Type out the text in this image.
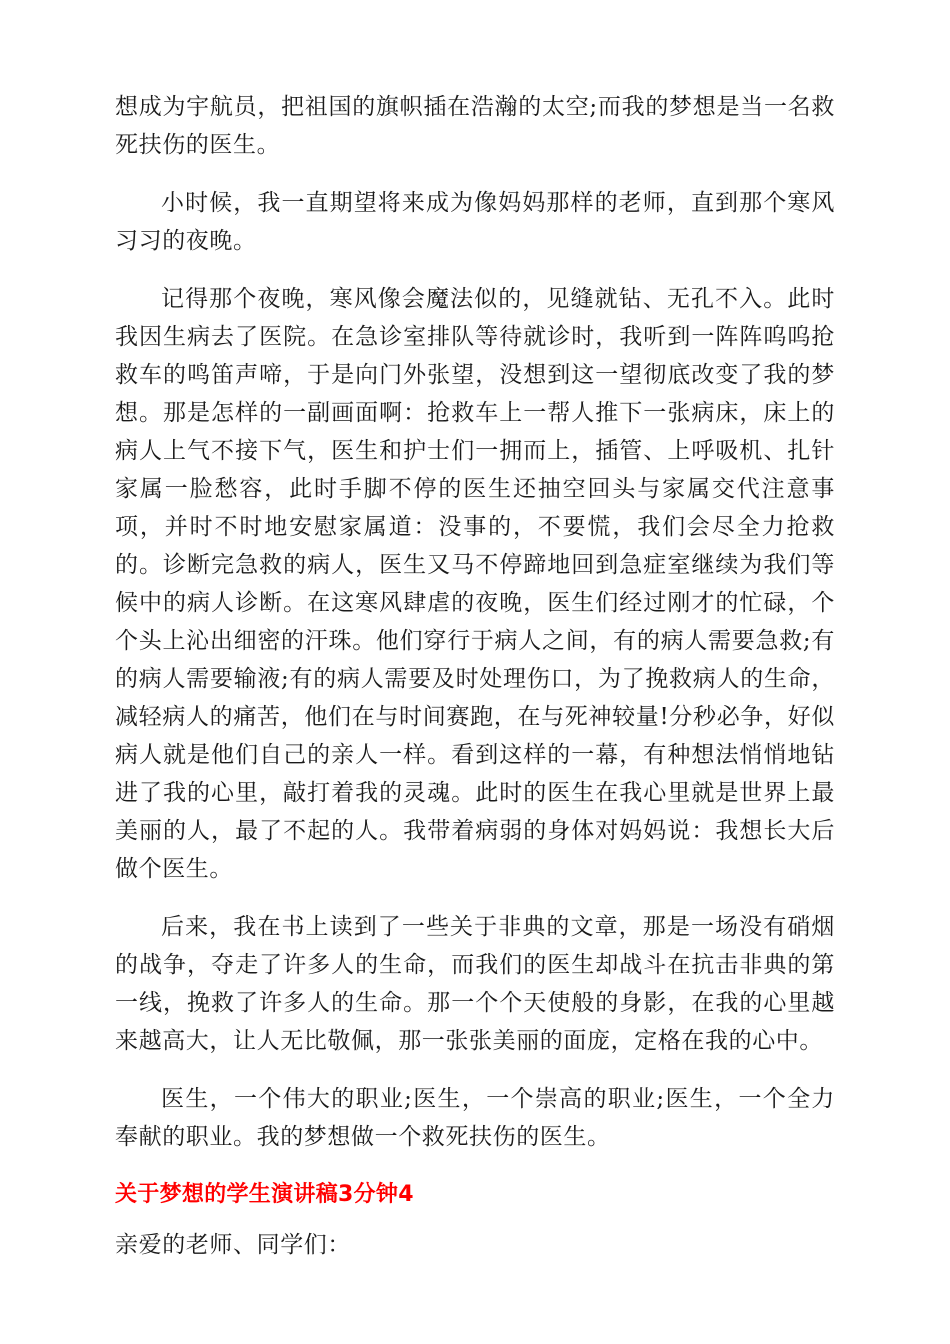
想成为宇航员，把祖国的旗帜插在浩瀚的太空;而我的梦想是当一名救死扶伤的医生。

小时候，我一直期望将来成为像妈妈那样的老师，直到那个寒风习习的夜晚。

记得那个夜晚，寒风像会魔法似的，见缝就钻、无孔不入。此时我因生病去了医院。在急诊室排队等待就诊时，我听到一阵阵呜呜抢救车的鸣笛声啼，于是向门外张望，没想到这一望彻底改变了我的梦想。那是怎样的一副画面啊：抢救车上一帮人推下一张病床，床上的病人上气不接下气，医生和护士们一拥而上，插管、上呼吸机、扎针家属一脸愁容，此时手脚不停的医生还抽空回头与家属交代注意事项，并时不时地安慰家属道：没事的，不要慌，我们会尽全力抢救的。诊断完急救的病人，医生又马不停蹄地回到急症室继续为我们等候中的病人诊断。在这寒风肆虐的夜晚，医生们经过刚才的忙碌，个个头上沁出细密的汗珠。他们穿行于病人之间，有的病人需要急救;有的病人需要输液;有的病人需要及时处理伤口，为了挽救病人的生命，减轻病人的痛苦，他们在与时间赛跑，在与死神较量!分秒必争，好似病人就是他们自己的亲人一样。看到这样的一幕，有种想法悄悄地钻进了我的心里，敲打着我的灵魂。此时的医生在我心里就是世界上最美丽的人，最了不起的人。我带着病弱的身体对妈妈说：我想长大后做个医生。

后来，我在书上读到了一些关于非典的文章，那是一场没有硝烟的战争，夺走了许多人的生命，而我们的医生却战斗在抗击非典的第一线，挽救了许多人的生命。那一个个天使般的身影，在我的心里越来越高大，让人无比敬佩，那一张张美丽的面庞，定格在我的心中。

医生，一个伟大的职业;医生，一个崇高的职业;医生，一个全力奉献的职业。我的梦想做一个救死扶伤的医生。

关于梦想的学生演讲稿3分钟4

亲爱的老师、同学们：
